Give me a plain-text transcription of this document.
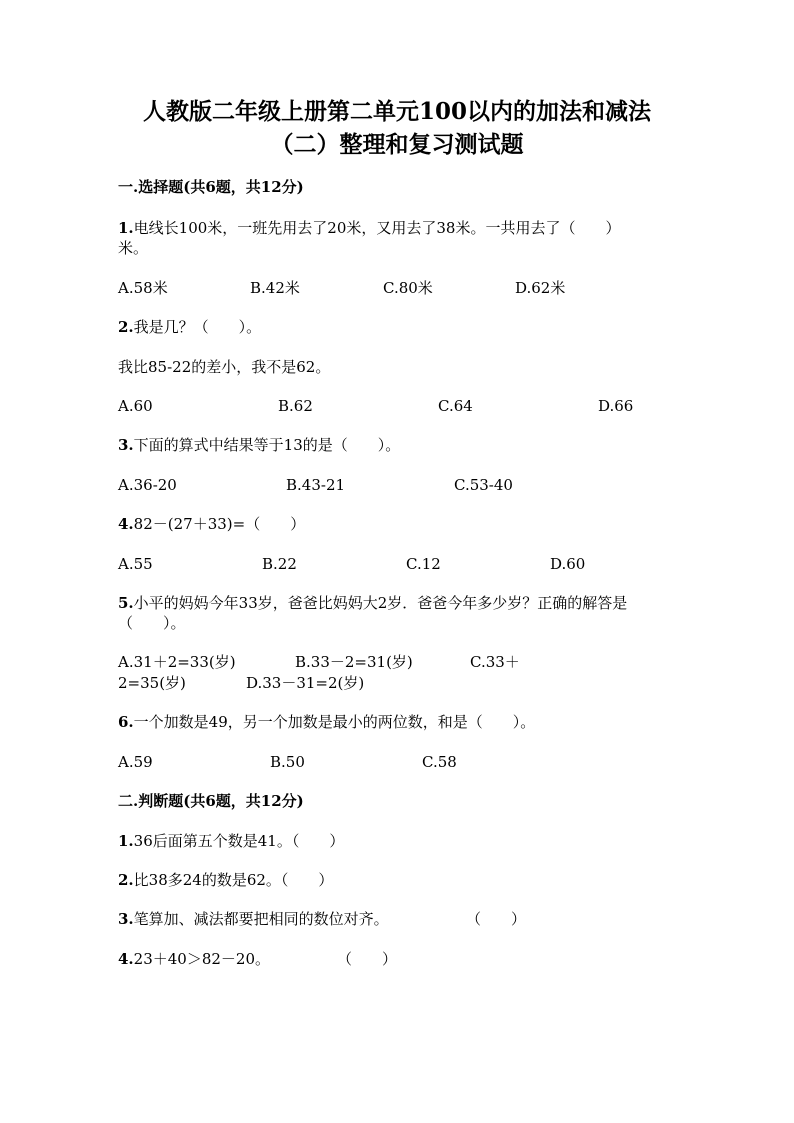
人教版二年级上册第二单元100以内的加法和减法
（二）整理和复习测试题
一.选择题(共6题，共12分)
1.电线长100米，一班先用去了20米，又用去了38米。一共用去了（　　）
米。
A.58米	B.42米	C.80米	D.62米
2.我是几？（　　）。
我比85-22的差小，我不是62。
A.60	B.62	C.64	D.66
3.下面的算式中结果等于13的是（　　）。
A.36-20	B.43-21	C.53-40
4.82－(27＋33)=（　　）
A.55	B.22	C.12	D.60
5.小平的妈妈今年33岁，爸爸比妈妈大2岁．爸爸今年多少岁？正确的解答是
（　　）。
A.31＋2=33(岁)	B.33－2=31(岁)	C.33＋
2=35(岁)	D.33－31=2(岁)
6.一个加数是49，另一个加数是最小的两位数，和是（　　）。
A.59	B.50	C.58
二.判断题(共6题，共12分)
1.36后面第五个数是41。（　　）
2.比38多24的数是62。（　　）
3.笔算加、减法都要把相同的数位对齐。	（　　）
4.23＋40＞82－20。	（　　）
